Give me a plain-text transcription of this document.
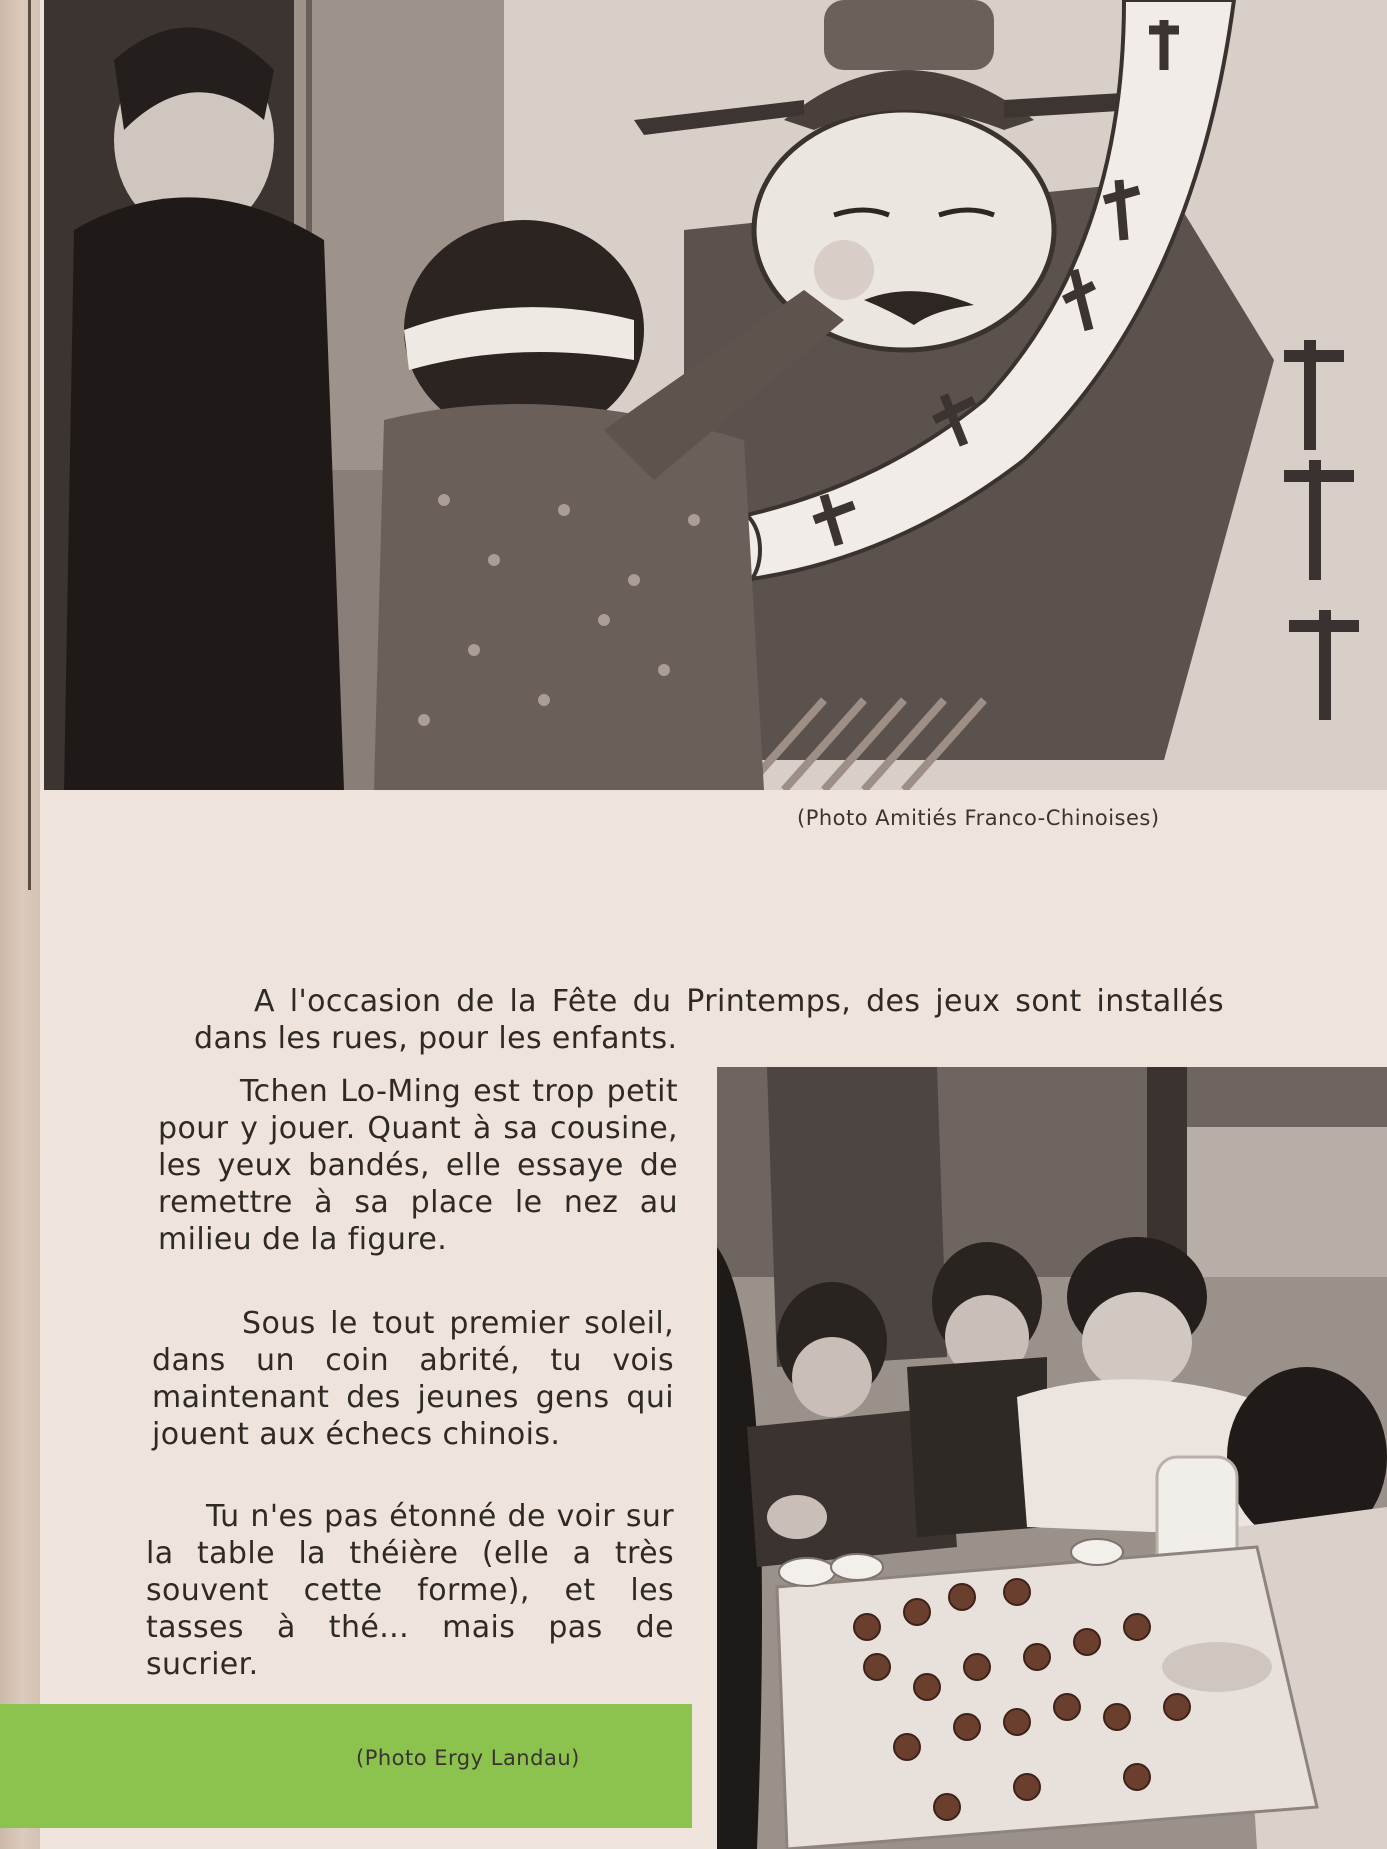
(Photo Amitiés Franco-Chinoises)

A l'occasion de la Fête du Printemps, des jeux sont installés dans les rues, pour les enfants.

Tchen Lo-Ming est trop petit pour y jouer. Quant à sa cousine, les yeux bandés, elle essaye de remettre à sa place le nez au milieu de la figure.

Sous le tout premier soleil, dans un coin abrité, tu vois maintenant des jeunes gens qui jouent aux échecs chinois.

Tu n'es pas étonné de voir sur la table la théière (elle a très souvent cette forme), et les tasses à thé... mais pas de sucrier.

(Photo Ergy Landau)
